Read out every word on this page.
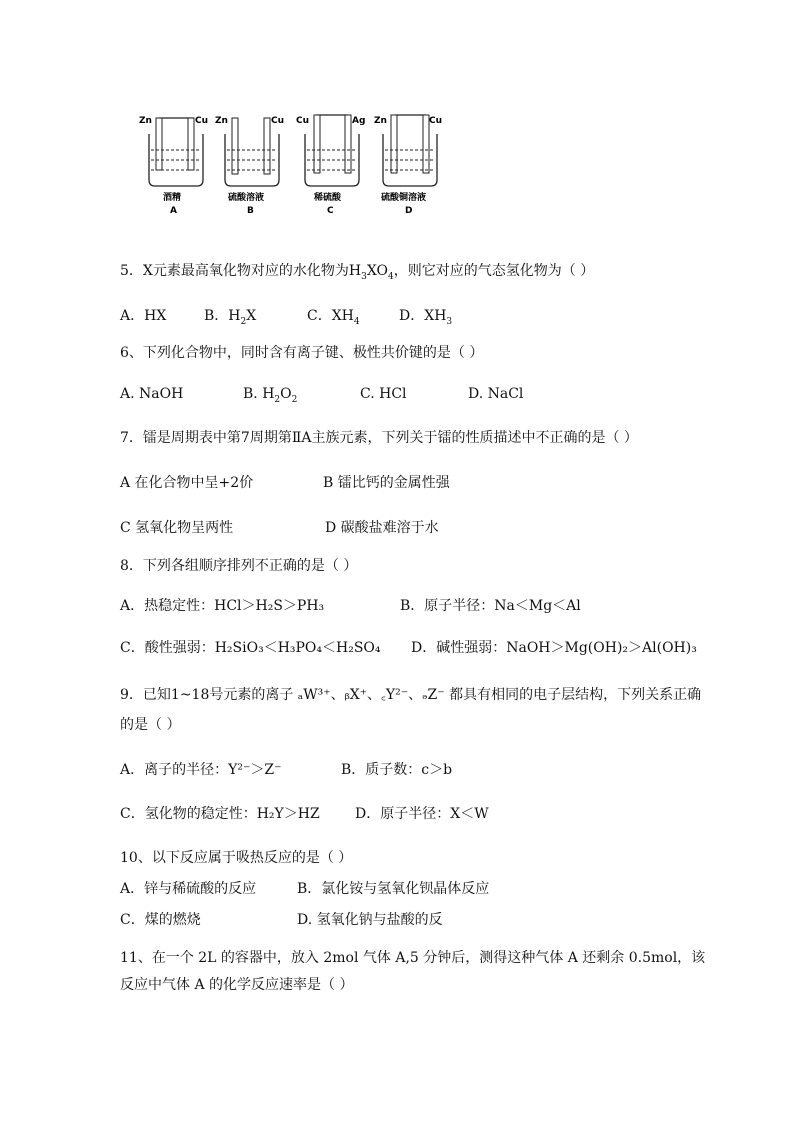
Zn	Cu
酒精
A
Zn	Cu
硫酸溶液
B
Cu	Ag
稀硫酸
C
Zn	Cu
硫酸铜溶液
D
5．X元素最高氧化物对应的水化物为$H_3XO_4$，则它对应的气态氢化物为（ ）
A．HX	B．$H_2X$	C．$XH_4$	D．$XH_3$
6、下列化合物中，同时含有离子键、极性共价键的是（ ）
A. NaOH	B. $H_2O_2$	C. HCl	D. NaCl
7．镭是周期表中第7周期第ⅡA主族元素，下列关于镭的性质描述中不正确的是（ ）
A 在化合物中呈+2价	B 镭比钙的金属性强
C 氢氧化物呈两性	D 碳酸盐难溶于水
8．下列各组顺序排列不正确的是（ ）
A．热稳定性：HCl＞H₂S＞PH₃	B．原子半径：Na＜Mg＜Al
C．酸性强弱：H₂SiO₃＜H₃PO₄＜H₂SO₄ D．碱性强弱：NaOH＞Mg(OH)₂＞Al(OH)₃
9．已知1~18号元素的离子 ₐW³⁺、ᵦX⁺、꜀Y²⁻、ₔZ⁻ 都具有相同的电子层结构，下列关系正确
的是（ ）
A．离子的半径：Y²⁻＞Z⁻	B．质子数：c＞b
C．氢化物的稳定性：H₂Y＞HZ	D．原子半径：X＜W
10、以下反应属于吸热反应的是（ ）
A．锌与稀硫酸的反应	B．氯化铵与氢氧化钡晶体反应
C．煤的燃烧	D. 氢氧化钠与盐酸的反
11、在一个 2L 的容器中，放入 2mol 气体 A,5 分钟后，测得这种气体 A 还剩余 0.5mol，该
反应中气体 A 的化学反应速率是（ ）
